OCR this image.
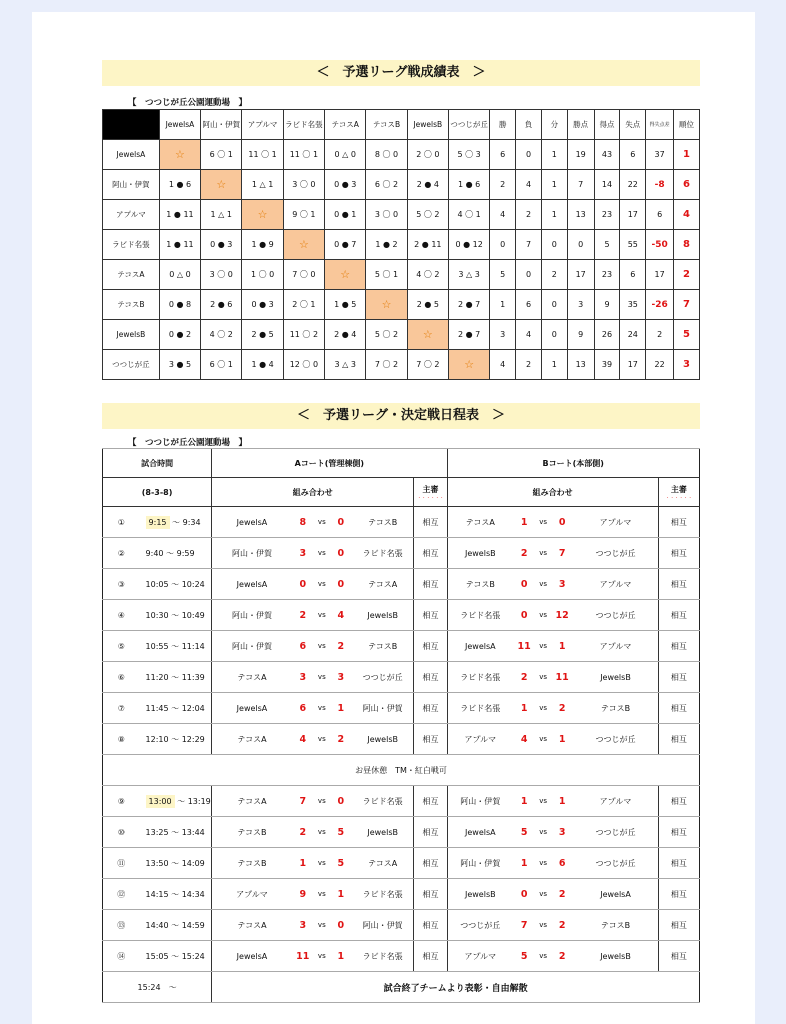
＜　予選リーグ戦成績表　＞
【　つつじが丘公園運動場　】
	JewelsA	阿山・伊賀	アプルマ	ラビド名張	テコスA	テコスB	JewelsB	つつじが丘	勝	負	分	勝点	得点	失点	得失点差	順位
JewelsA	☆	6 〇 1	11 〇 1	11 〇 1	0 △ 0	8 〇 0	2 〇 0	5 〇 3	6	0	1	19	43	6	37	1
阿山・伊賀	1 ● 6	☆	1 △ 1	3 〇 0	0 ● 3	6 〇 2	2 ● 4	1 ● 6	2	4	1	7	14	22	-8	6
アプルマ	1 ● 11	1 △ 1	☆	9 〇 1	0 ● 1	3 〇 0	5 〇 2	4 〇 1	4	2	1	13	23	17	6	4
ラビド名張	1 ● 11	0 ● 3	1 ● 9	☆	0 ● 7	1 ● 2	2 ● 11	0 ● 12	0	7	0	0	5	55	-50	8
テコスA	0 △ 0	3 〇 0	1 〇 0	7 〇 0	☆	5 〇 1	4 〇 2	3 △ 3	5	0	2	17	23	6	17	2
テコスB	0 ● 8	2 ● 6	0 ● 3	2 〇 1	1 ● 5	☆	2 ● 5	2 ● 7	1	6	0	3	9	35	-26	7
JewelsB	0 ● 2	4 〇 2	2 ● 5	11 〇 2	2 ● 4	5 〇 2	☆	2 ● 7	3	4	0	9	26	24	2	5
つつじが丘	3 ● 5	6 〇 1	1 ● 4	12 〇 0	3 △ 3	7 〇 2	7 〇 2	☆	4	2	1	13	39	17	22	3
＜　予選リーグ・決定戦日程表　＞
【　つつじが丘公園運動場　】
試合時間		Aコート(管理棟側)						Bコート(本部側)					
(8-3-8)		組み合わせ					主審
・・・・・・	組み合わせ					主審
・・・・・・

①	9:15 ～ 9:34	JewelsA	8	vs	0	テコスB	相互	テコスA	1	vs	0	アプルマ	相互
②	9:40 ～ 9:59	阿山・伊賀	3	vs	0	ラビド名張	相互	JewelsB	2	vs	7	つつじが丘	相互
③	10:05 ～ 10:24	JewelsA	0	vs	0	テコスA	相互	テコスB	0	vs	3	アプルマ	相互
④	10:30 ～ 10:49	阿山・伊賀	2	vs	4	JewelsB	相互	ラビド名張	0	vs	12	つつじが丘	相互
⑤	10:55 ～ 11:14	阿山・伊賀	6	vs	2	テコスB	相互	JewelsA	11	vs	1	アプルマ	相互
⑥	11:20 ～ 11:39	テコスA	3	vs	3	つつじが丘	相互	ラビド名張	2	vs	11	JewelsB	相互
⑦	11:45 ～ 12:04	JewelsA	6	vs	1	阿山・伊賀	相互	ラビド名張	1	vs	2	テコスB	相互
⑧	12:10 ～ 12:29	テコスA	4	vs	2	JewelsB	相互	アプルマ	4	vs	1	つつじが丘	相互
お昼休憩　TM・紅白戦可													
⑨	13:00 ～ 13:19	テコスA	7	vs	0	ラビド名張	相互	阿山・伊賀	1	vs	1	アプルマ	相互
⑩	13:25 ～ 13:44	テコスB	2	vs	5	JewelsB	相互	JewelsA	5	vs	3	つつじが丘	相互
⑪	13:50 ～ 14:09	テコスB	1	vs	5	テコスA	相互	阿山・伊賀	1	vs	6	つつじが丘	相互
⑫	14:15 ～ 14:34	アプルマ	9	vs	1	ラビド名張	相互	JewelsB	0	vs	2	JewelsA	相互
⑬	14:40 ～ 14:59	テコスA	3	vs	0	阿山・伊賀	相互	つつじが丘	7	vs	2	テコスB	相互
⑭	15:05 ～ 15:24	JewelsA	11	vs	1	ラビド名張	相互	アプルマ	5	vs	2	JewelsB	相互
15:24　～		試合終了チームより表彰・自由解散											
